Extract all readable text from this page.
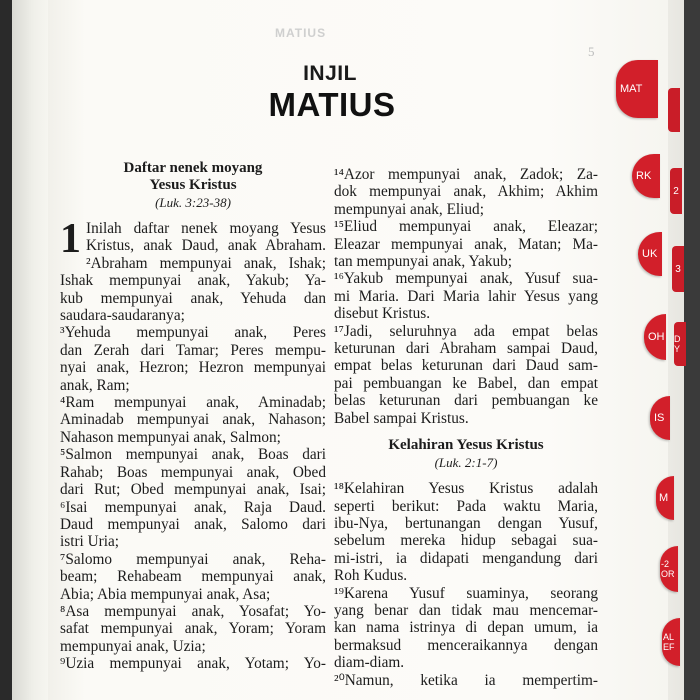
MATIUS
5
INJIL
MATIUS
Daftar nenek moyang
Yesus Kristus
(Luk. 3:23-38)
1 Inilah daftar nenek moyang Yesus
Kristus, anak Daud, anak Abraham.
²Abraham mempunyai anak, Ishak;
Ishak mempunyai anak, Yakub; Ya-
kub mempunyai anak, Yehuda dan
saudara-saudaranya;
³Yehuda mempunyai anak, Peres
dan Zerah dari Tamar; Peres mempu-
nyai anak, Hezron; Hezron mempunyai
anak, Ram;
⁴Ram mempunyai anak, Aminadab;
Aminadab mempunyai anak, Nahason;
Nahason mempunyai anak, Salmon;
⁵Salmon mempunyai anak, Boas dari
Rahab; Boas mempunyai anak, Obed
dari Rut; Obed mempunyai anak, Isai;
⁶Isai mempunyai anak, Raja Daud.
Daud mempunyai anak, Salomo dari
istri Uria;
⁷Salomo mempunyai anak, Reha-
beam; Rehabeam mempunyai anak,
Abia; Abia mempunyai anak, Asa;
⁸Asa mempunyai anak, Yosafat; Yo-
safat mempunyai anak, Yoram; Yoram
mempunyai anak, Uzia;
⁹Uzia mempunyai anak, Yotam; Yo-
¹⁴Azor mempunyai anak, Zadok; Za-
dok mempunyai anak, Akhim; Akhim
mempunyai anak, Eliud;
¹⁵Eliud mempunyai anak, Eleazar;
Eleazar mempunyai anak, Matan; Ma-
tan mempunyai anak, Yakub;
¹⁶Yakub mempunyai anak, Yusuf sua-
mi Maria. Dari Maria lahir Yesus yang
disebut Kristus.
¹⁷Jadi, seluruhnya ada empat belas
keturunan dari Abraham sampai Daud,
empat belas keturunan dari Daud sam-
pai pembuangan ke Babel, dan empat
belas keturunan dari pembuangan ke
Babel sampai Kristus.
Kelahiran Yesus Kristus
(Luk. 2:1-7)
¹⁸Kelahiran Yesus Kristus adalah
seperti berikut: Pada waktu Maria,
ibu-Nya, bertunangan dengan Yusuf,
sebelum mereka hidup sebagai sua-
mi-istri, ia didapati mengandung dari
Roh Kudus.
¹⁹Karena Yusuf suaminya, seorang
yang benar dan tidak mau mencemar-
kan nama istrinya di depan umum, ia
bermaksud menceraikannya dengan
diam-diam.
²⁰Namun, ketika ia mempertim-
MAT
RK
UK
OH
IS
M
-2 OR
AL EF
2
3
D Y
